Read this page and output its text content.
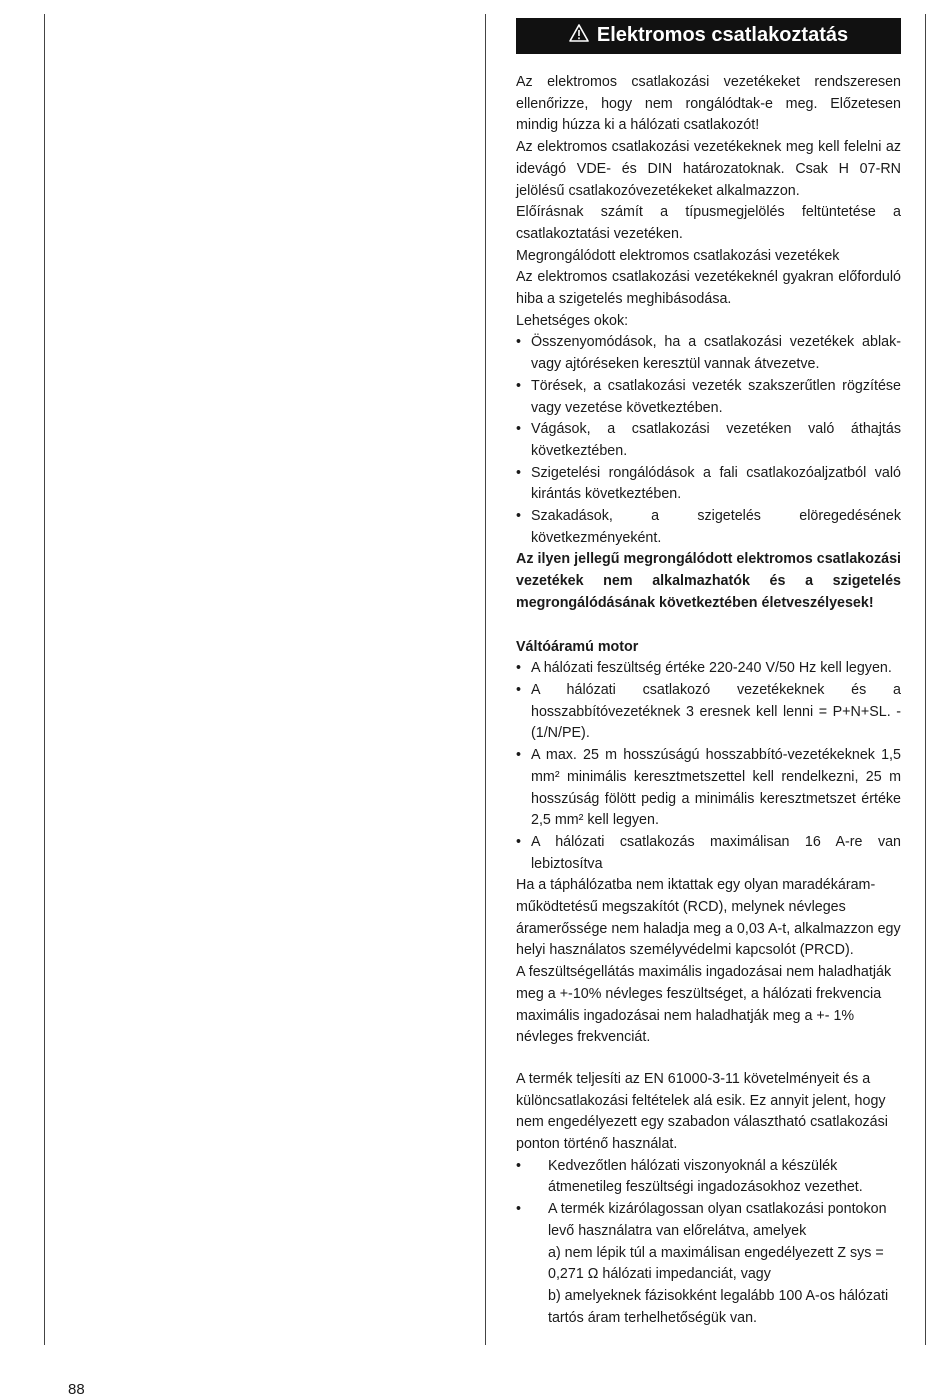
Elektromos csatlakoztatás

Az elektromos csatlakozási vezetékeket rendszeresen ellenőrizze, hogy nem rongálódtak-e meg. Előzetesen mindig húzza ki a hálózati csatlakozót!

Az elektromos csatlakozási vezetékeknek meg kell felelni az idevágó VDE- és DIN határozatoknak. Csak H 07-RN jelölésű csatlakozóvezetékeket alkalmazzon.

Előírásnak számít a típusmegjelölés feltüntetése a csatlakoztatási vezetéken.

Megrongálódott elektromos csatlakozási vezetékek

Az elektromos csatlakozási vezetékeknél gyakran előforduló hiba a szigetelés meghibásodása.

Lehetséges okok:

• Összenyomódások, ha a csatlakozási vezetékek ablak- vagy ajtóréseken keresztül vannak átvezetve.
• Törések, a csatlakozási vezeték szakszerűtlen rögzítése vagy vezetése következtében.
• Vágások, a csatlakozási vezetéken való áthajtás következtében.
• Szigetelési rongálódások a fali csatlakozóaljzatból való kirántás következtében.
• Szakadások, a szigetelés elöregedésének következményeként.

Az ilyen jellegű megrongálódott elektromos csatlakozási vezetékek nem alkalmazhatók és a szigetelés megrongálódásának következtében életveszélyesek!

Váltóáramú motor

• A hálózati feszültség értéke 220-240 V/50 Hz kell legyen.
• A hálózati csatlakozó vezetékeknek és a hosszabbítóvezetéknek 3 eresnek kell lenni = P+N+SL. - (1/N/PE).
• A max. 25 m hosszúságú hosszabbító-vezetékeknek 1,5 mm² minimális keresztmetszettel kell rendelkezni, 25 m hosszúság fölött pedig a minimális keresztmetszet értéke 2,5 mm² kell legyen.
• A hálózati csatlakozás maximálisan 16 A-re van lebiztosítva

Ha a táphálózatba nem iktattak egy olyan maradékáram-működtetésű megszakítót (RCD), melynek névleges áramerőssége nem haladja meg a 0,03 A-t, alkalmazzon egy helyi használatos személyvédelmi kapcsolót (PRCD).

A feszültségellátás maximális ingadozásai nem haladhatják meg a +-10% névleges feszültséget, a hálózati frekvencia maximális ingadozásai nem haladhatják meg a +- 1% névleges frekvenciát.

A termék teljesíti az EN 61000-3-11 követelményeit és a különcsatlakozási feltételek alá esik. Ez annyit jelent, hogy nem engedélyezett egy szabadon választható csatlakozási ponton történő használat.

• Kedvezőtlen hálózati viszonyoknál a készülék átmenetileg feszültségi ingadozásokhoz vezethet.
• A termék kizárólagossan olyan csatlakozási pontokon levő használatra van előrelátva, amelyek
a) nem lépik túl a maximálisan engedélyezett Z sys = 0,271 Ω hálózati impedanciát, vagy
b) amelyeknek fázisokként legalább 100 A-os hálózati tartós áram terhelhetőségük van.
88
